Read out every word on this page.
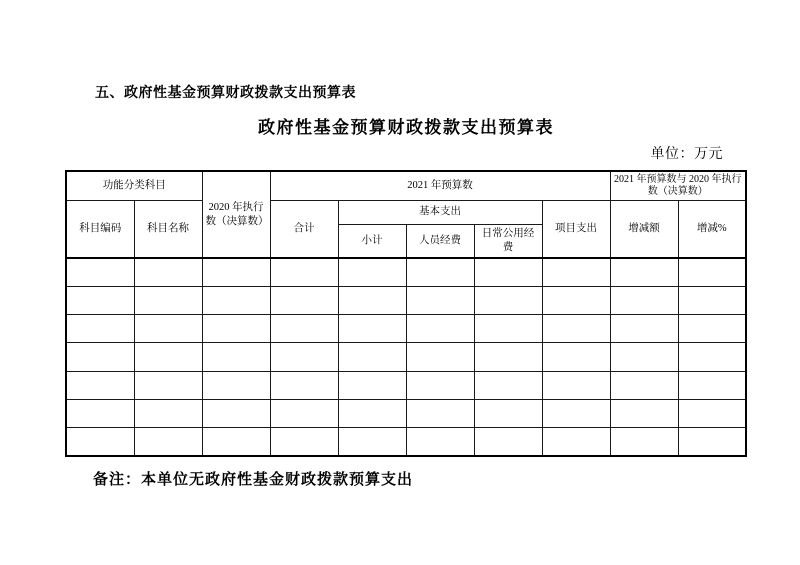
五、政府性基金预算财政拨款支出预算表
政府性基金预算财政拨款支出预算表
单位：万元
功能分类科目		2020 年执行数（决算数）	2021 年预算数					2021 年预算数与 2020 年执行数（决算数）	
科目编码	科目名称		合计	基本支出			项目支出	增减额	增减%
				小计	人员经费	日常公用经费			

备注：本单位无政府性基金财政拨款预算支出
